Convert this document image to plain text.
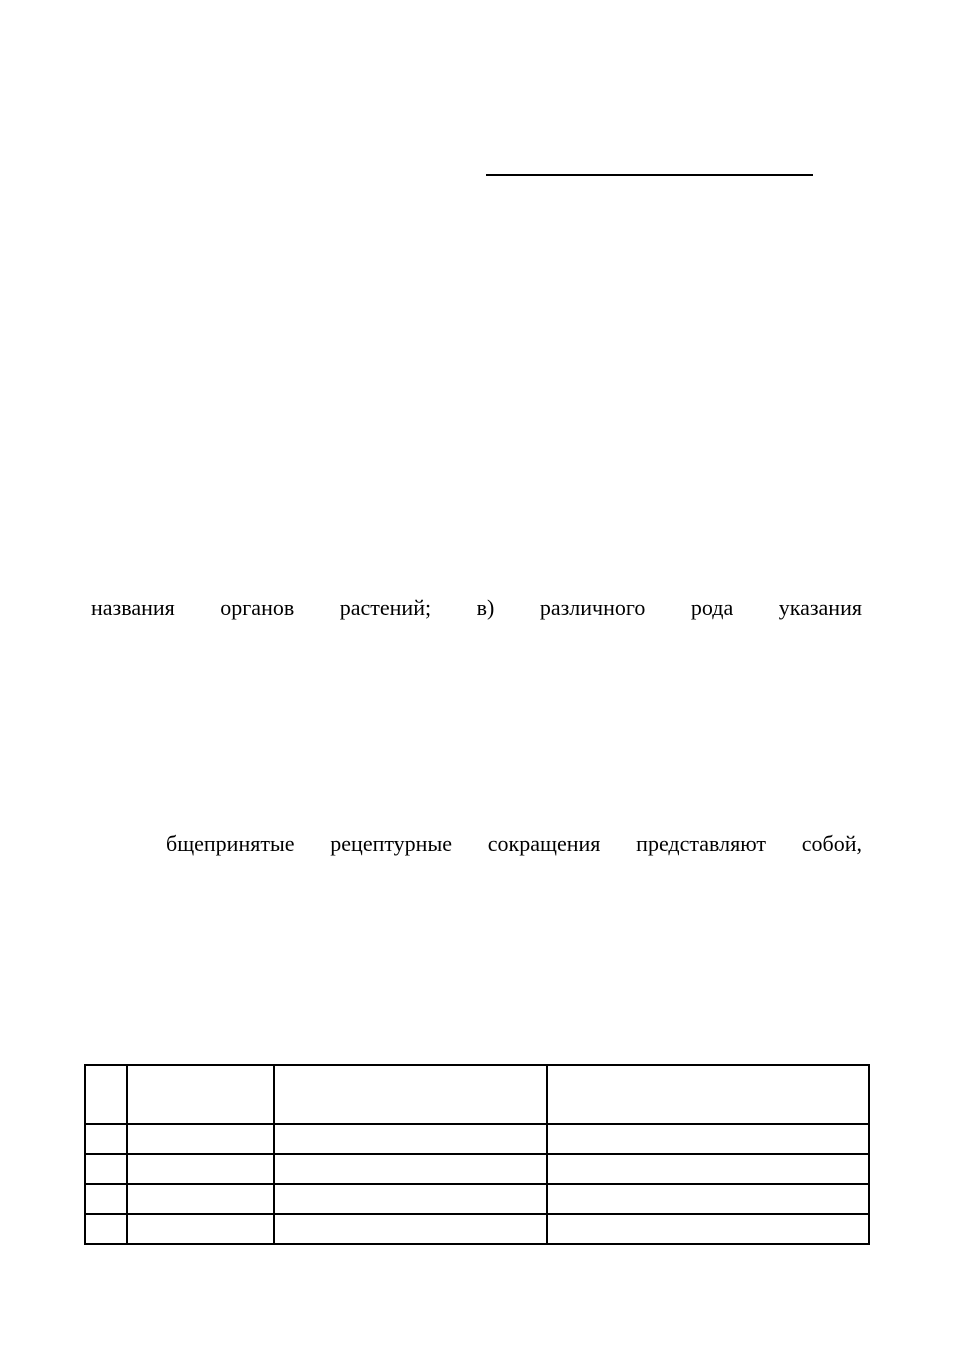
названия органов растений; в) различного рода указания
бщепринятые рецептурные сокращения представляют собой,
